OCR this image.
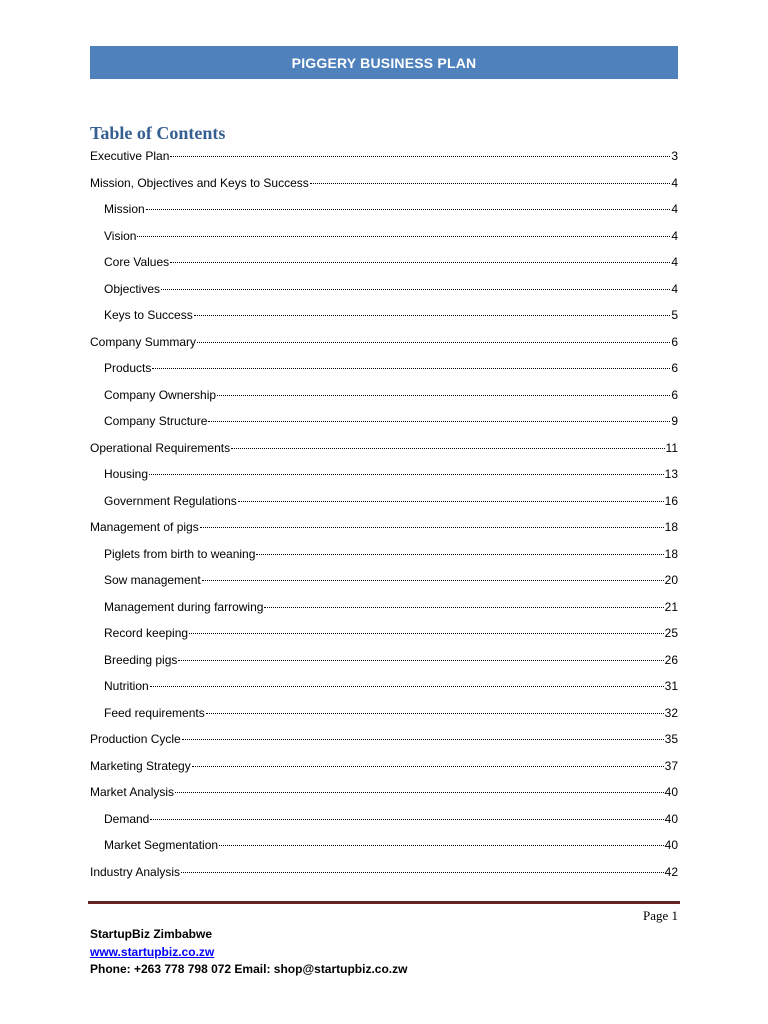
PIGGERY BUSINESS PLAN
Table of Contents
Executive Plan	3
Mission, Objectives and Keys to Success	4
Mission	4
Vision	4
Core Values	4
Objectives	4
Keys to Success	5
Company Summary	6
Products	6
Company Ownership	6
Company Structure	9
Operational Requirements	11
Housing	13
Government Regulations	16
Management of pigs	18
Piglets from birth to weaning	18
Sow management	20
Management during farrowing	21
Record keeping	25
Breeding pigs	26
Nutrition	31
Feed requirements	32
Production Cycle	35
Marketing Strategy	37
Market Analysis	40
Demand	40
Market Segmentation	40
Industry Analysis	42
Page 1
StartupBiz Zimbabwe
www.startupbiz.co.zw
Phone: +263 778 798 072 Email: shop@startupbiz.co.zw
